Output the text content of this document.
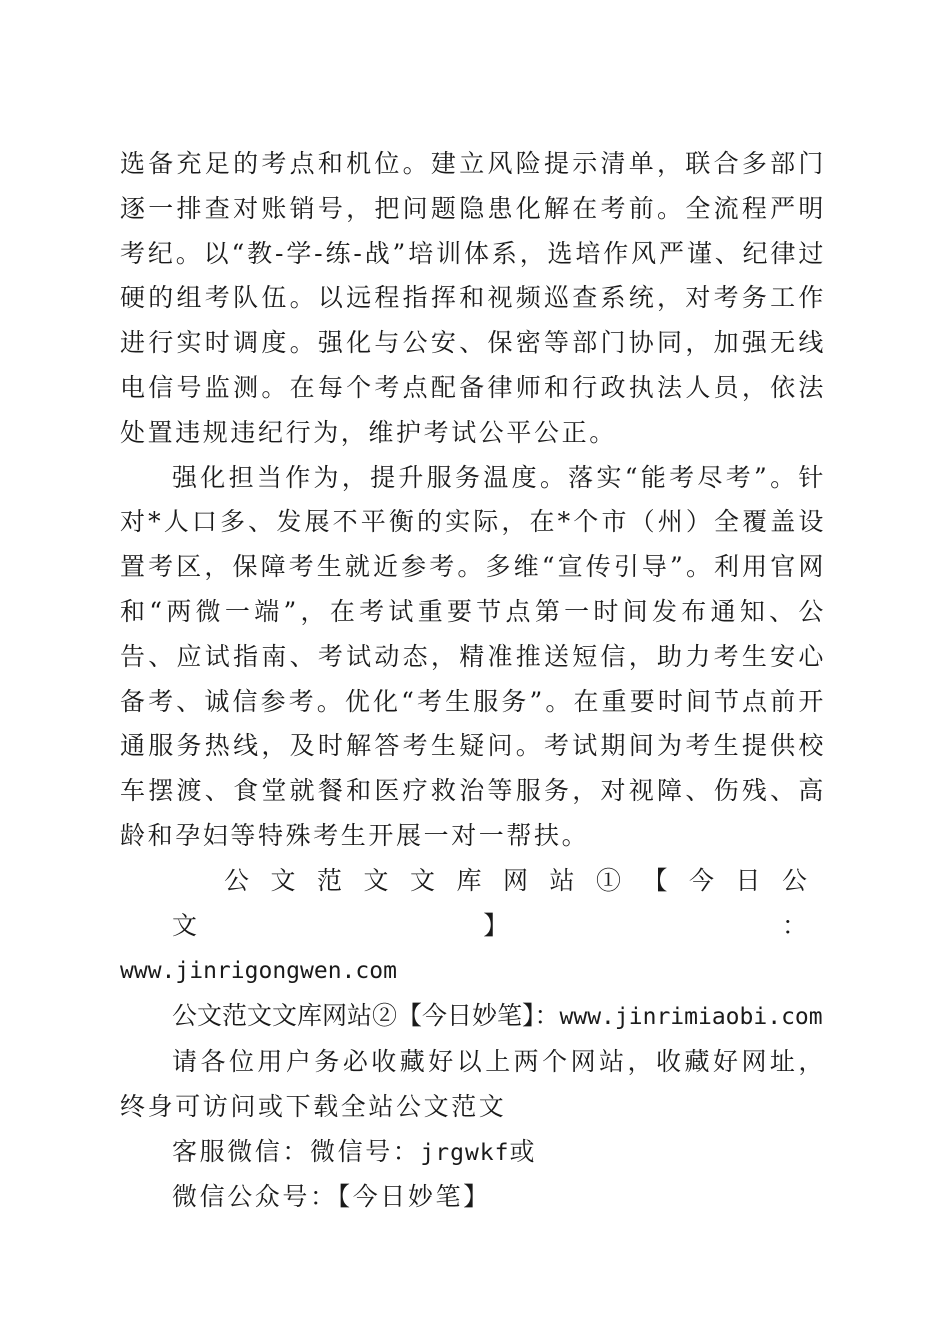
选备充足的考点和机位。建立风险提示清单，联合多部门逐一排查对账销号，把问题隐患化解在考前。全流程严明考纪。以“教-学-练-战”培训体系，选培作风严谨、纪律过硬的组考队伍。以远程指挥和视频巡查系统，对考务工作进行实时调度。强化与公安、保密等部门协同，加强无线电信号监测。在每个考点配备律师和行政执法人员，依法处置违规违纪行为，维护考试公平公正。

强化担当作为，提升服务温度。落实“能考尽考”。针对*人口多、发展不平衡的实际，在*个市（州）全覆盖设置考区，保障考生就近参考。多维“宣传引导”。利用官网和“两微一端”，在考试重要节点第一时间发布通知、公告、应试指南、考试动态，精准推送短信，助力考生安心备考、诚信参考。优化“考生服务”。在重要时间节点前开通服务热线，及时解答考生疑问。考试期间为考生提供校车摆渡、食堂就餐和医疗救治等服务，对视障、伤残、高龄和孕妇等特殊考生开展一对一帮扶。

公文范文文库网站①【今日公文】：
www.jinrigongwen.com

公文范文文库网站②【今日妙笔】：www.jinrimiaobi.com

请各位用户务必收藏好以上两个网站，收藏好网址，终身可访问或下载全站公文范文

客服微信：微信号：jrgwkf或

微信公众号：【今日妙笔】
